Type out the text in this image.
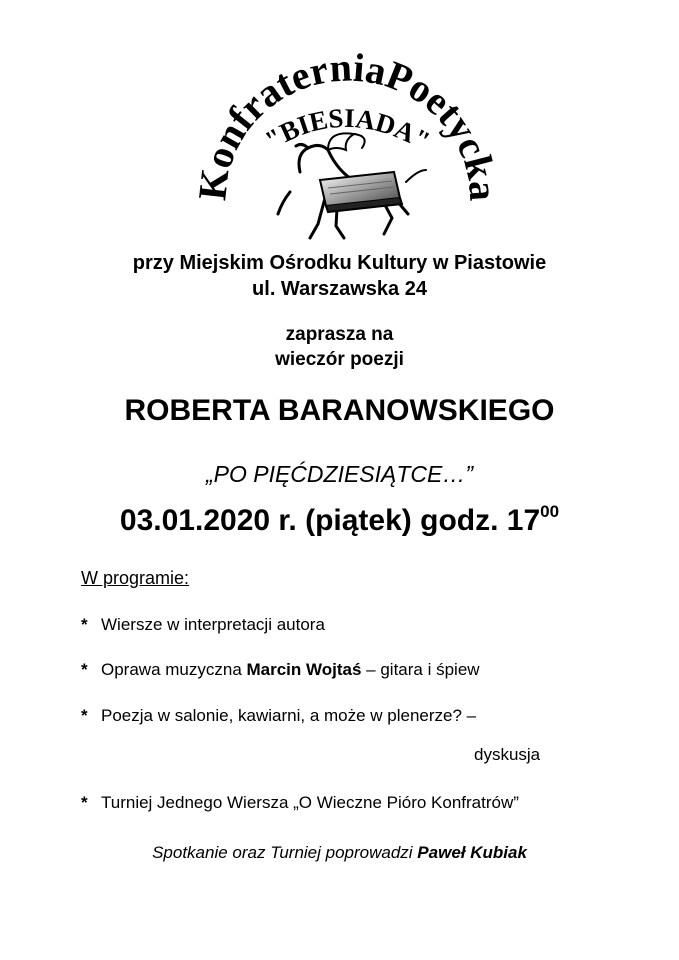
KonfraterniaPoetycka
"BIESIADA"
przy Miejskim Ośrodku Kultury w Piastowie
ul. Warszawska 24
zaprasza na
wieczór poezji
ROBERTA BARANOWSKIEGO
„PO PIĘĆDZIESIĄTCE…”
03.01.2020 r. (piątek) godz. $17^{00}$
W programie:
* Wiersze w interpretacji autora
* Oprawa muzyczna Marcin Wojtaś – gitara i śpiew
* Poezja w salonie, kawiarni, a może w plenerze? –
dyskusja
* Turniej Jednego Wiersza „O Wieczne Pióro Konfratrów”
Spotkanie oraz Turniej poprowadzi Paweł Kubiak
